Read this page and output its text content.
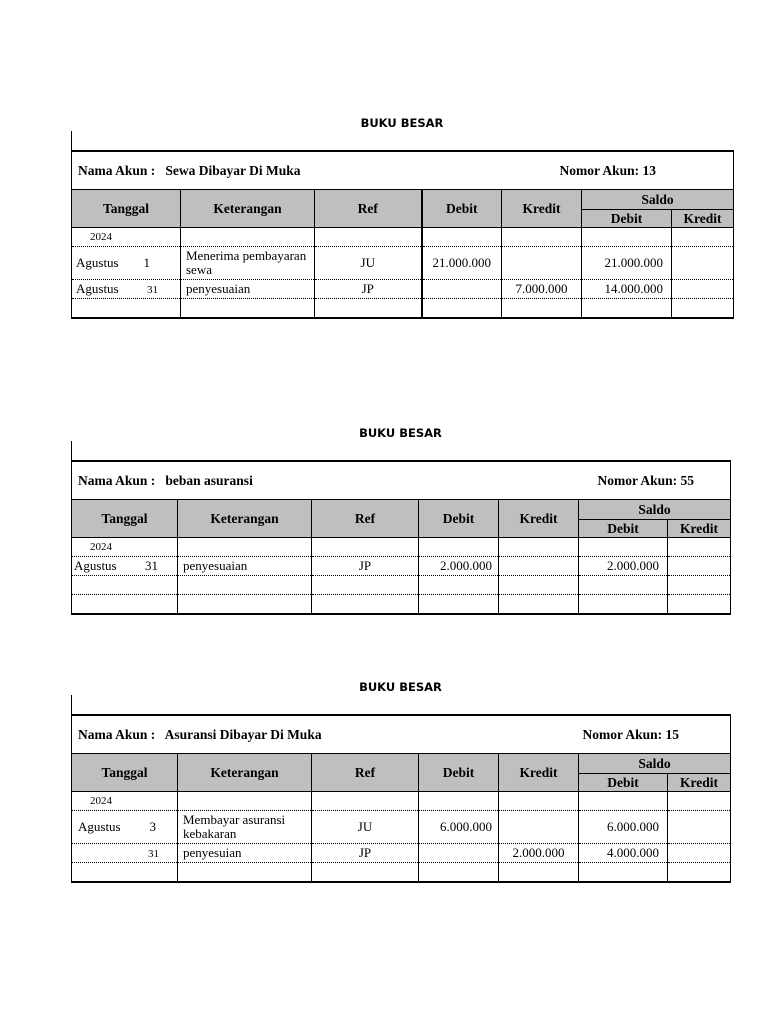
BUKU BESAR
Nama Akun : Sewa Dibayar Di Muka				Nomor Akun: 13		
Tanggal	Keterangan	Ref	Debit	Kredit	Saldo	
					Debit	Kredit
2024						
Agustus 1	Menerima pembayaran sewa	JU	21.000.000		21.000.000	
Agustus 31	penyesuaian	JP		7.000.000	14.000.000	

BUKU BESAR
Nama Akun : beban asuransi				Nomor Akun: 55		
Tanggal	Keterangan	Ref	Debit	Kredit	Saldo	
					Debit	Kredit
2024						
Agustus 31	penyesuaian	JP	2.000.000		2.000.000	

BUKU BESAR
Nama Akun : Asuransi Dibayar Di Muka				Nomor Akun: 15		
Tanggal	Keterangan	Ref	Debit	Kredit	Saldo	
					Debit	Kredit
2024						
Agustus 3	Membayar asuransi kebakaran	JU	6.000.000		6.000.000	
31	penyesuian	JP		2.000.000	4.000.000	
